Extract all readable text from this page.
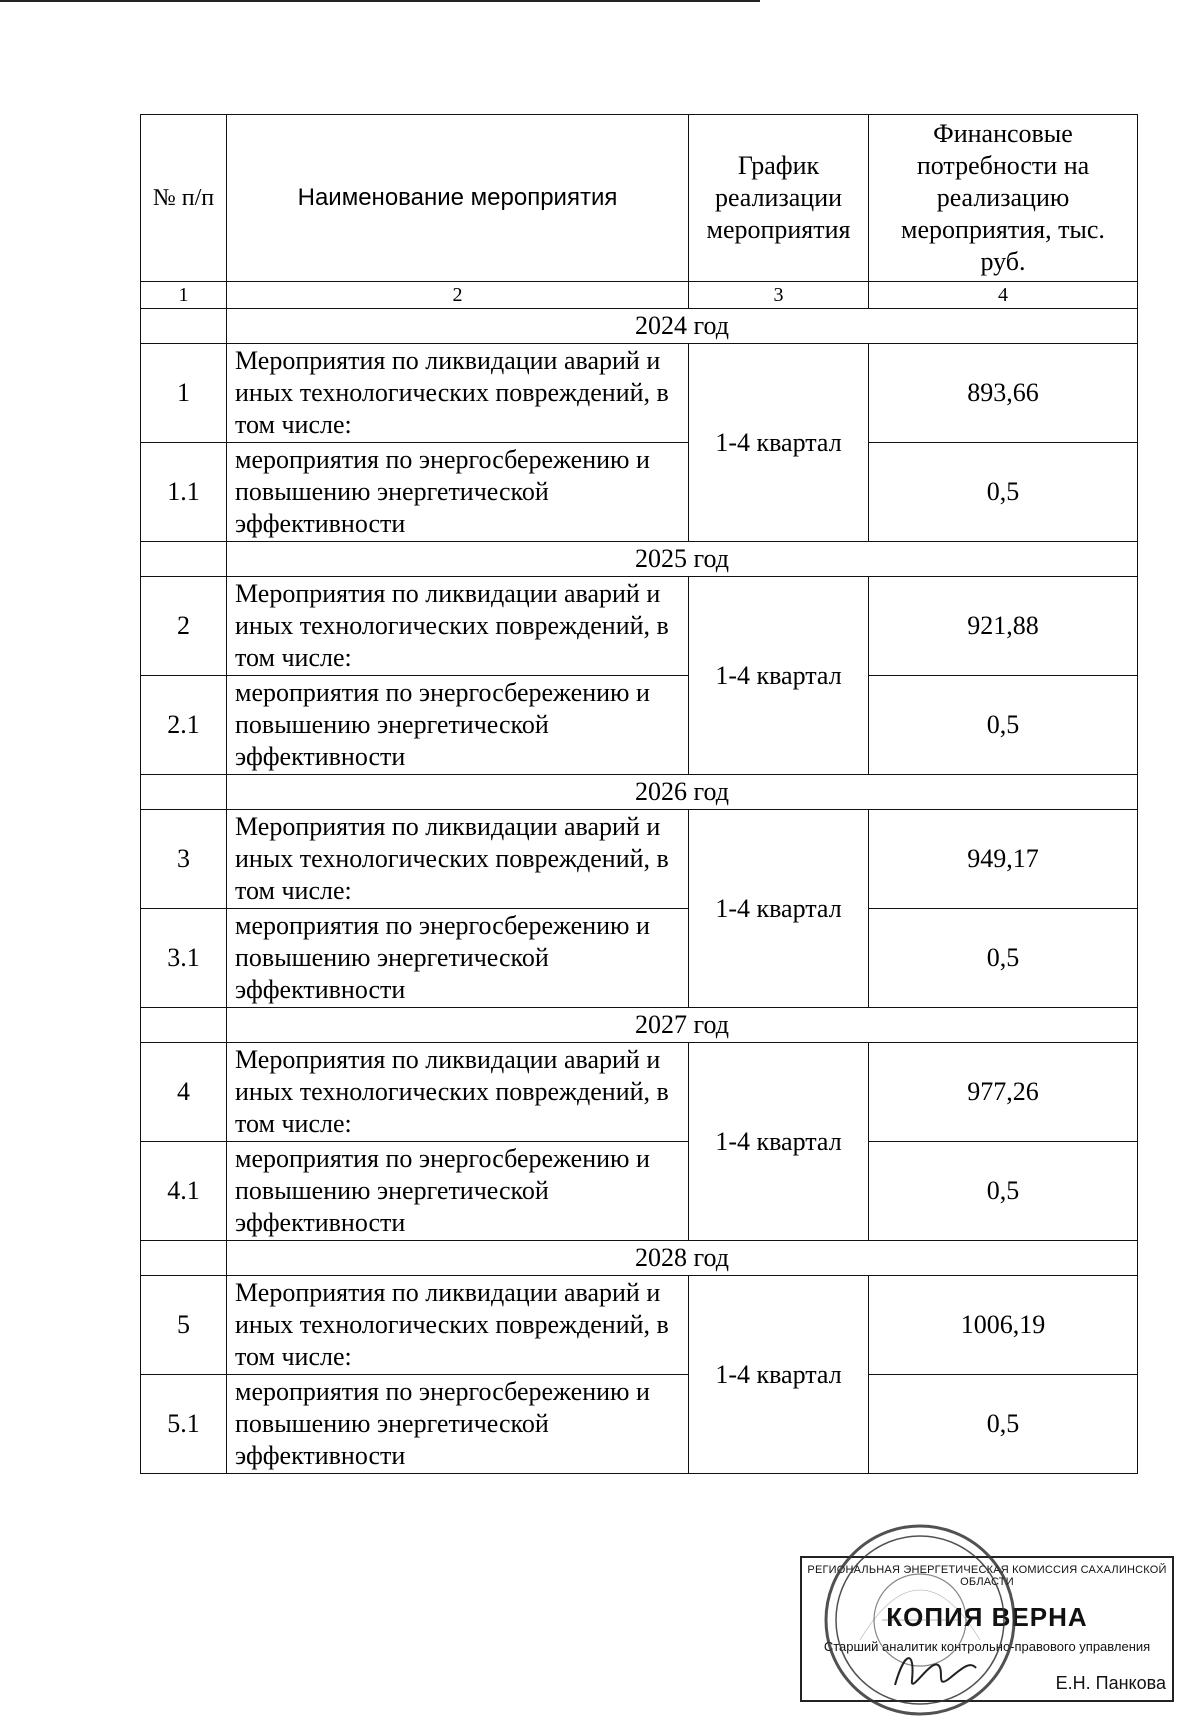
№ п/п	Наименование мероприятия	График реализации мероприятия	Финансовые потребности на реализацию мероприятия, тыс. руб.
1	2	3	4
	2024 год		
1	Мероприятия по ликвидации аварий и иных технологических повреждений, в том числе:	1-4 квартал	893,66
1.1	мероприятия по энергосбережению и повышению энергетической эффективности		0,5
	2025 год		
2	Мероприятия по ликвидации аварий и иных технологических повреждений, в том числе:	1-4 квартал	921,88
2.1	мероприятия по энергосбережению и повышению энергетической эффективности		0,5
	2026 год		
3	Мероприятия по ликвидации аварий и иных технологических повреждений, в том числе:	1-4 квартал	949,17
3.1	мероприятия по энергосбережению и повышению энергетической эффективности		0,5
	2027 год		
4	Мероприятия по ликвидации аварий и иных технологических повреждений, в том числе:	1-4 квартал	977,26
4.1	мероприятия по энергосбережению и повышению энергетической эффективности		0,5
	2028 год		
5	Мероприятия по ликвидации аварий и иных технологических повреждений, в том числе:	1-4 квартал	1006,19
5.1	мероприятия по энергосбережению и повышению энергетической эффективности		0,5
РЕГИОНАЛЬНАЯ ЭНЕРГЕТИЧЕСКАЯ КОМИССИЯ САХАЛИНСКОЙ ОБЛАСТИ
КОПИЯ ВЕРНА
Старший аналитик контрольно-правового управления
Е.Н. Панкова
